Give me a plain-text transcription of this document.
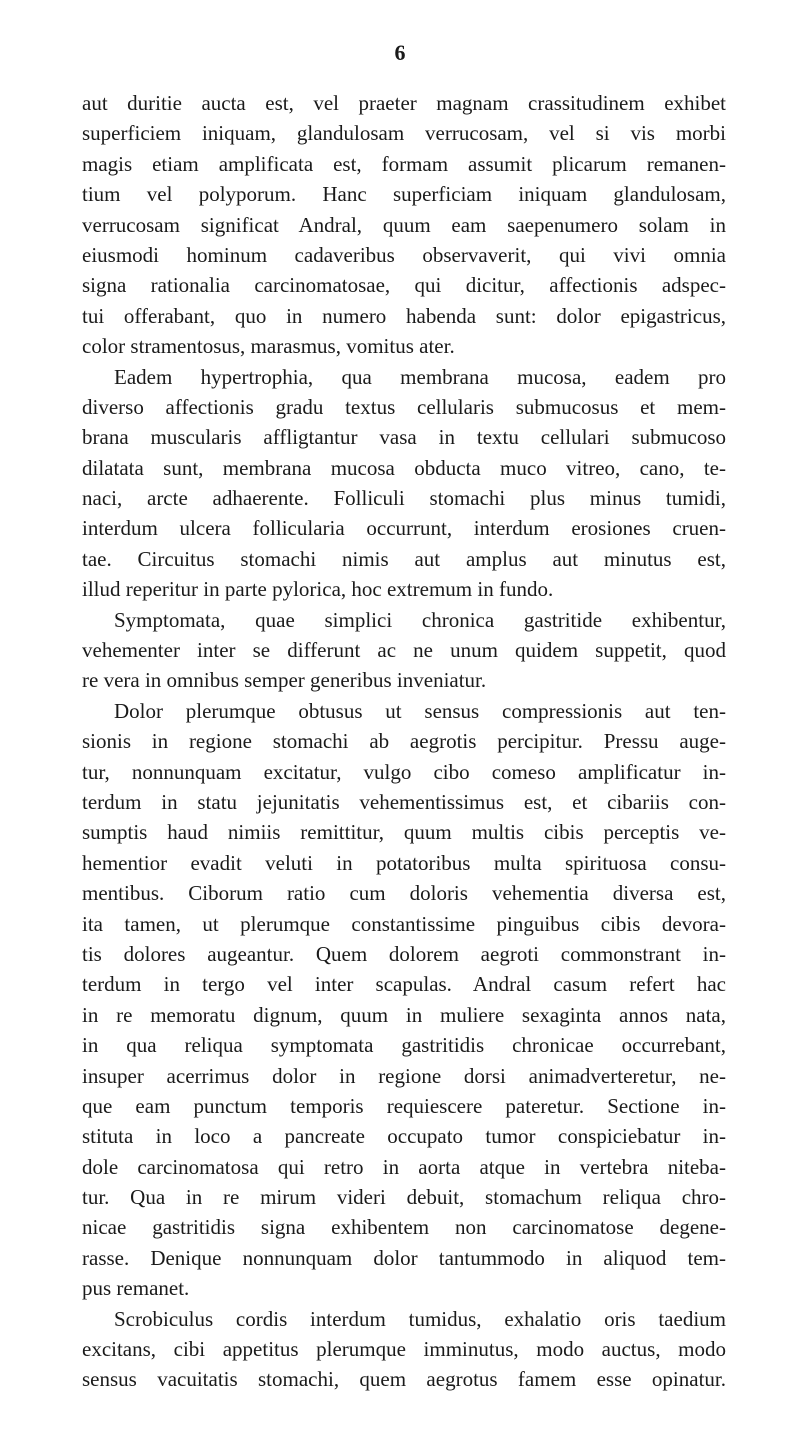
6
aut duritie aucta est, vel praeter magnam crassitudinem exhibet
superficiem iniquam, glandulosam verrucosam, vel si vis morbi
magis etiam amplificata est, formam assumit plicarum remanen-
tium vel polyporum. Hanc superficiam iniquam glandulosam,
verrucosam significat Andral, quum eam saepenumero solam in
eiusmodi hominum cadaveribus observaverit, qui vivi omnia
signa rationalia carcinomatosae, qui dicitur, affectionis adspec-
tui offerabant, quo in numero habenda sunt: dolor epigastricus,
color stramentosus, marasmus, vomitus ater.
Eadem hypertrophia, qua membrana mucosa, eadem pro
diverso affectionis gradu textus cellularis submucosus et mem-
brana muscularis affligtantur vasa in textu cellulari submucoso
dilatata sunt, membrana mucosa obducta muco vitreo, cano, te-
naci, arcte adhaerente. Folliculi stomachi plus minus tumidi,
interdum ulcera follicularia occurrunt, interdum erosiones cruen-
tae. Circuitus stomachi nimis aut amplus aut minutus est,
illud reperitur in parte pylorica, hoc extremum in fundo.
Symptomata, quae simplici chronica gastritide exhibentur,
vehementer inter se differunt ac ne unum quidem suppetit, quod
re vera in omnibus semper generibus inveniatur.
Dolor plerumque obtusus ut sensus compressionis aut ten-
sionis in regione stomachi ab aegrotis percipitur. Pressu auge-
tur, nonnunquam excitatur, vulgo cibo comeso amplificatur in-
terdum in statu jejunitatis vehementissimus est, et cibariis con-
sumptis haud nimiis remittitur, quum multis cibis perceptis ve-
hementior evadit veluti in potatoribus multa spirituosa consu-
mentibus. Ciborum ratio cum doloris vehementia diversa est,
ita tamen, ut plerumque constantissime pinguibus cibis devora-
tis dolores augeantur. Quem dolorem aegroti commonstrant in-
terdum in tergo vel inter scapulas. Andral casum refert hac
in re memoratu dignum, quum in muliere sexaginta annos nata,
in qua reliqua symptomata gastritidis chronicae occurrebant,
insuper acerrimus dolor in regione dorsi animadverteretur, ne-
que eam punctum temporis requiescere pateretur. Sectione in-
stituta in loco a pancreate occupato tumor conspiciebatur in-
dole carcinomatosa qui retro in aorta atque in vertebra niteba-
tur. Qua in re mirum videri debuit, stomachum reliqua chro-
nicae gastritidis signa exhibentem non carcinomatose degene-
rasse. Denique nonnunquam dolor tantummodo in aliquod tem-
pus remanet.
Scrobiculus cordis interdum tumidus, exhalatio oris taedium
excitans, cibi appetitus plerumque imminutus, modo auctus, modo
sensus vacuitatis stomachi, quem aegrotus famem esse opinatur.
